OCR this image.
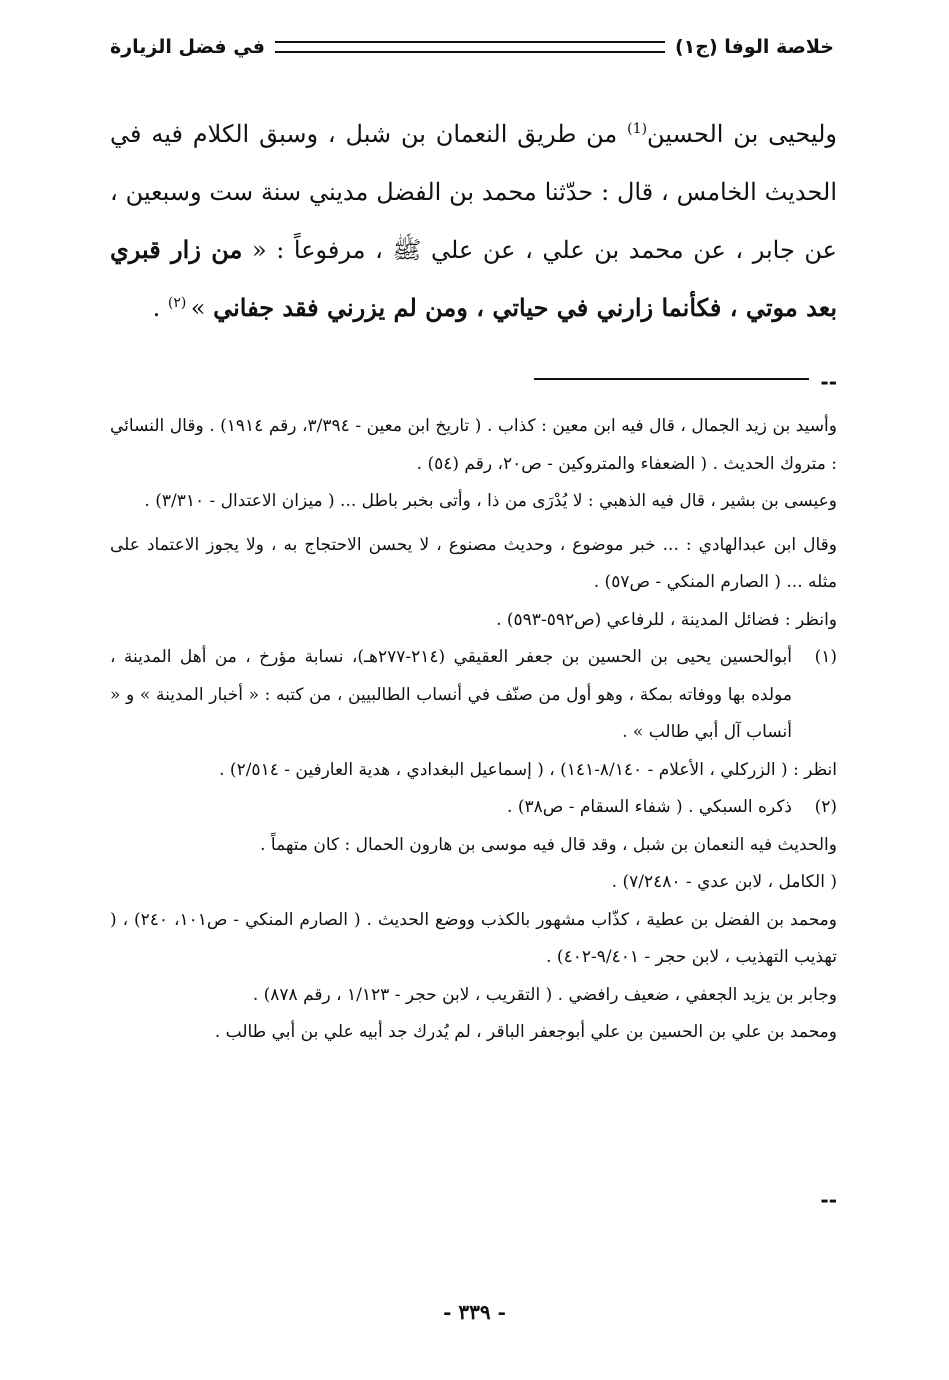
خلاصة الوفا (ج١)
في فضل الزيارة

وليحيى بن الحسين$^{(1)}$ من طريق النعمان بن شبل ، وسبق الكلام فيه في الحديث الخامس ، قال : حدّثنا محمد بن الفضل مديني سنة ست وسبعين ، عن جابر ، عن محمد بن علي ، عن علي ﷺ ، مرفوعاً : « من زار قبري بعد موتي ، فكأنما زارني في حياتي ، ومن لم يزرني فقد جفاني » $^{(٢)}$ .

--

وأسيد بن زيد الجمال ، قال فيه ابن معين : كذاب . ( تاريخ ابن معين - ٣/٣٩٤، رقم ١٩١٤) . وقال النسائي : متروك الحديث . ( الضعفاء والمتروكين - ص٢٠، رقم (٥٤) .

وعيسى بن بشير ، قال فيه الذهبي : لا يُدْرَى من ذا ، وأتى بخبر باطل ... ( ميزان الاعتدال - ٣/٣١٠) .

وقال ابن عبدالهادي : ... خبر موضوع ، وحديث مصنوع ، لا يحسن الاحتجاج به ، ولا يجوز الاعتماد على مثله ... ( الصارم المنكي - ص٥٧) .

وانظر : فضائل المدينة ، للرفاعي (ص٥٩٢-٥٩٣) .

(١)

أبوالحسين يحيى بن الحسين بن جعفر العقيقي (٢١٤-٢٧٧هـ)، نسابة مؤرخ ، من أهل المدينة ، مولده بها ووفاته بمكة ، وهو أول من صنّف في أنساب الطالبيين ، من كتبه : « أخبار المدينة » و « أنساب آل أبي طالب » .

انظر : ( الزركلي ، الأعلام - ٨/١٤٠-١٤١) ، ( إسماعيل البغدادي ، هدية العارفين - ٢/٥١٤) .

(٢)

ذكره السبكي . ( شفاء السقام - ص٣٨) .

والحديث فيه النعمان بن شبل ، وقد قال فيه موسى بن هارون الحمال : كان متهماً .

( الكامل ، لابن عدي - ٧/٢٤٨٠) .

ومحمد بن الفضل بن عطية ، كذّاب مشهور بالكذب ووضع الحديث . ( الصارم المنكي - ص١٠١، ٢٤٠) ، ( تهذيب التهذيب ، لابن حجر - ٩/٤٠١-٤٠٢) .

وجابر بن يزيد الجعفي ، ضعيف رافضي . ( التقريب ، لابن حجر - ١/١٢٣ ، رقم ٨٧٨) .

ومحمد بن علي بن الحسين بن علي أبوجعفر الباقر ، لم يُدرك جد أبيه علي بن أبي طالب .

--
- ٣٣٩ -
